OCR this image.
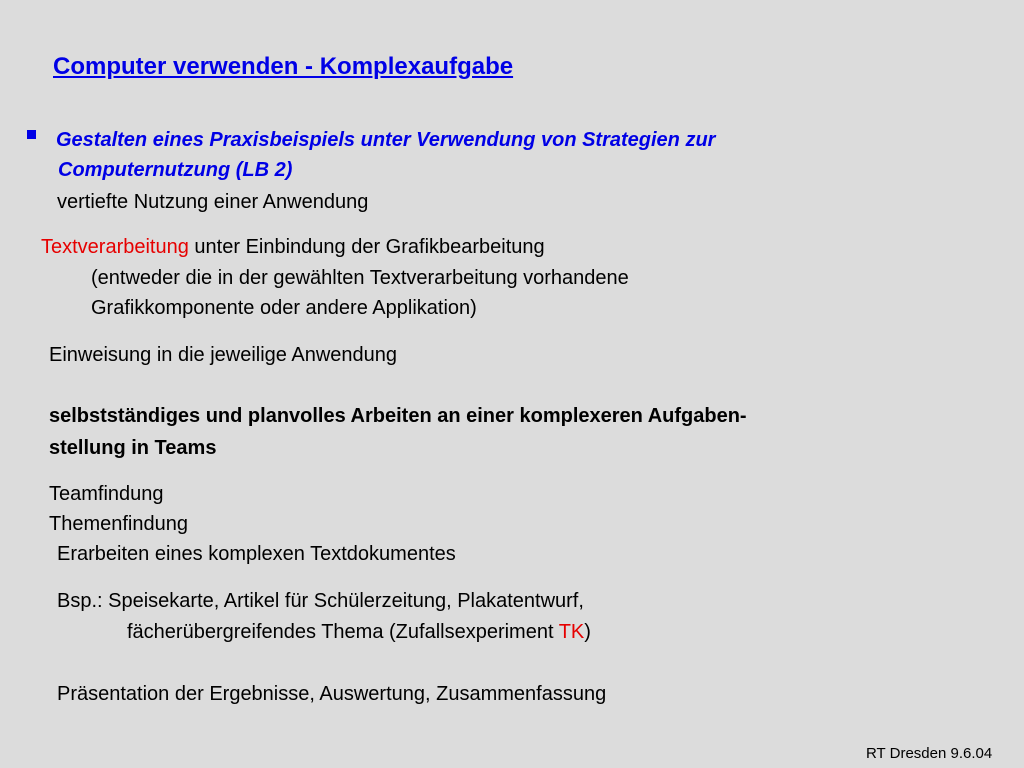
Computer verwenden - Komplexaufgabe
Gestalten eines Praxisbeispiels unter Verwendung von Strategien zur
Computernutzung (LB 2)
vertiefte Nutzung einer Anwendung
Textverarbeitung unter Einbindung der Grafikbearbeitung
(entweder die in der gewählten Textverarbeitung vorhandene
Grafikkomponente oder andere Applikation)
Einweisung in die jeweilige Anwendung
selbstständiges und planvolles Arbeiten an einer komplexeren Aufgaben-
stellung in Teams
Teamfindung
Themenfindung
Erarbeiten eines komplexen Textdokumentes
Bsp.: Speisekarte, Artikel für Schülerzeitung, Plakatentwurf,
fächerübergreifendes Thema (Zufallsexperiment TK)
Präsentation der Ergebnisse, Auswertung, Zusammenfassung
RT Dresden 9.6.04
